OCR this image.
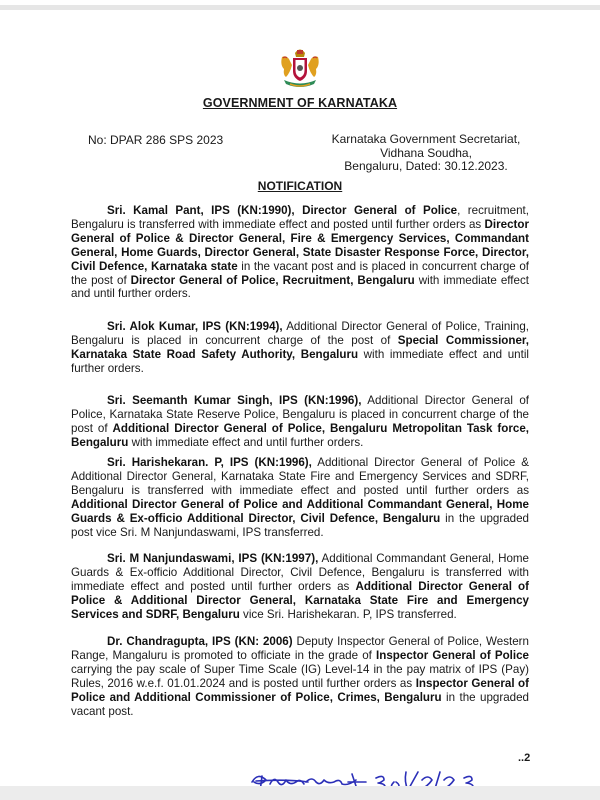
GOVERNMENT OF KARNATAKA
No: DPAR 286 SPS 2023	Karnataka Government Secretariat,
Vidhana Soudha,
Bengaluru, Dated: 30.12.2023.
NOTIFICATION

Sri. Kamal Pant, IPS (KN:1990), Director General of Police, recruitment, Bengaluru is transferred with immediate effect and posted until further orders as Director General of Police & Director General, Fire & Emergency Services, Commandant General, Home Guards, Director General, State Disaster Response Force, Director, Civil Defence, Karnataka state in the vacant post and is placed in concurrent charge of the post of Director General of Police, Recruitment, Bengaluru with immediate effect and until further orders.

Sri. Alok Kumar, IPS (KN:1994), Additional Director General of Police, Training, Bengaluru is placed in concurrent charge of the post of Special Commissioner, Karnataka State Road Safety Authority, Bengaluru with immediate effect and until further orders.

Sri. Seemanth Kumar Singh, IPS (KN:1996), Additional Director General of Police, Karnataka State Reserve Police, Bengaluru is placed in concurrent charge of the post of Additional Director General of Police, Bengaluru Metropolitan Task force, Bengaluru with immediate effect and until further orders.

Sri. Harishekaran. P, IPS (KN:1996), Additional Director General of Police & Additional Director General, Karnataka State Fire and Emergency Services and SDRF, Bengaluru is transferred with immediate effect and posted until further orders as Additional Director General of Police and Additional Commandant General, Home Guards & Ex-officio Additional Director, Civil Defence, Bengaluru in the upgraded post vice Sri. M Nanjundaswami, IPS transferred.

Sri. M Nanjundaswami, IPS (KN:1997), Additional Commandant General, Home Guards & Ex-officio Additional Director, Civil Defence, Bengaluru is transferred with immediate effect and posted until further orders as Additional Director General of Police & Additional Director General, Karnataka State Fire and Emergency Services and SDRF, Bengaluru vice Sri. Harishekaran. P, IPS transferred.

Dr. Chandragupta, IPS (KN: 2006) Deputy Inspector General of Police, Western Range, Mangaluru is promoted to officiate in the grade of Inspector General of Police carrying the pay scale of Super Time Scale (IG) Level-14 in the pay matrix of IPS (Pay) Rules, 2016 w.e.f. 01.01.2024 and is posted until further orders as Inspector General of Police and Additional Commissioner of Police, Crimes, Bengaluru in the upgraded vacant post.

..2
